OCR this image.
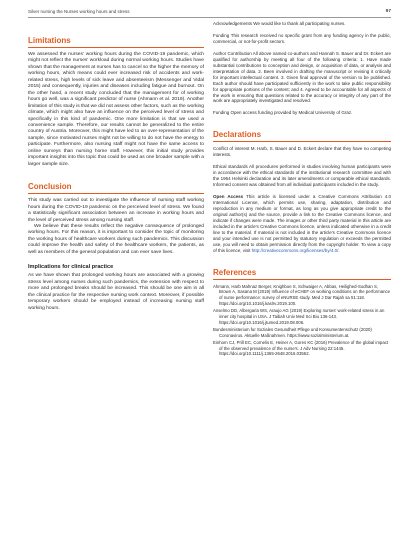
Silver nursing the Nurses working hours and stress	97
Limitations

We assessed the nurses' working hours during the COVID-19 pandemic, which might not reflect the nurses' workload during normal working hours. Studies have shown that the management at nurses has to cancel so the higher the memory of working hours, which means could ever increased risk of accidents and work-related stress, high levels of sick leave and absenteeism (Messenger and Vidal 2015) and consequently, injuries and diseases including fatigue and burnout. On the other hand, a recent study concluded that the management for of working hours go well, was a significant predictor of nurse (Ahmann et al. 2019). Another limitation of this study is that we did not assess other factors, such as the working climate, which might also have an influence on the perceived level of stress and specifically in this kind of pandemic. One more limitation is that we used a convenience sample. Therefore, our results cannot be generalized to the entire country of Austria. Moreover, this might have led to an over-representation of the sample, since motivated nurses might not be willing to do not have the energy to participate. Furthermore, also nursing staff might not have the same access to online surveys than nursing home staff. However, this initial study provides important insights into this topic that could be used as one broader sample with a larger sample size.

Conclusion

This study was carried out to investigate the influence of nursing staff working hours during the COVID-19 pandemic on the perceived level of stress. We found a statistically significant association between an increase in working hours and the level of perceived stress among nursing staff.

We believe that these results reflect the negative consequence of prolonged working hours. For this reason, it is important to consider the topic of monitoring the working hours of healthcare workers during such pandemics. This discussion could improve the health and safety of the healthcare workers, the patients, as well as members of the general population and can ever save lives.

Implications for clinical practice

As we have shown that prolonged working hours are associated with a growing stress level among nurses during such pandemics, the extension with respect to more and prolonged breaks should be increased. This should be one aim in all the clinical practice for the respective nursing work context. Moreover, if possible temporary workers should be employed instead of increasing nursing staff working hours.

Acknowledgements We would like to thank all participating nurses.

Funding This research received no specific grant from any funding agency in the public, commercial, or not-for-profit sectors.

Author Contribution All above named co-authors and Hannah S. Bauer and Dr. Eckert are qualified for authorship by meeting all four of the following criteria: 1. Have made substantial contributions to conception and design, or acquisition of data, or analysis and interpretation of data. 2. Been involved in drafting the manuscript or revising it critically for important intellectual content. 3. Given final approval of the version to be published. Each author should have participated sufficiently in the work to take public responsibility for appropriate portions of the content; and 4. Agreed to be accountable for all aspects of the work in ensuring that questions related to the accuracy or integrity of any part of the work are appropriately investigated and resolved.

Funding Open access funding provided by Medical University of Graz.

Declarations

Conflict of interest M. Harb, S. Bauer and D. Eckert declare that they have no competing interests.

Ethical standards All procedures performed in studies involving human participants were in accordance with the ethical standards of the institutional research committee and with the 1964 Helsinki declaration and its later amendments or comparable ethical standards. Informed consent was obtained from all individual participants included in the study.

Open Access This article is licensed under a Creative Commons Attribution 4.0 International License, which permits use, sharing, adaptation, distribution and reproduction in any medium or format, as long as you give appropriate credit to the original author(s) and the source, provide a link to the Creative Commons licence, and indicate if changes were made. The images or other third party material in this article are included in the article's Creative Commons licence, unless indicated otherwise in a credit line to the material. If material is not included in the article's Creative Commons licence and your intended use is not permitted by statutory regulation or exceeds the permitted use, you will need to obtain permission directly from the copyright holder. To view a copy of this licence, visit http://creativecommons.org/licenses/by/4.0/.

References

Ahmann, Harb Mahnaz Berger, Knighboe S, Schwaiger A, Abbas, Heilighed-Sodhan S, Brown A, Sasana M (2019) Influence of eCHEF on working conditions on the performance of nurse performance: survey of eNURSE study. Med J Dar Rajah sa 51:118. https://doi.org/10.1016/j.kaslrv.2019.100.

Anselmo DD, Albergaria WS, Araujo AG (2019) Exploring nurses' work-related stress in an inner city hospital in USA. J Taibah Univ Med Sci Biu 136-143. https://doi.org/10.1016/j.jtumed.2019.08.006.

Bundesministerium fur Soziales Gesundheit Pflege und Konsumentenschutz (2020) Coronavirus. Aktuelle Maßnahmen. https://www.sozialministerium.at.

Einhorn CJ, Prill EC, Cornelis E, Heiner A, Gores KC (2016) Prevalence of the global impact of the observed prevalence of the nurse's. J Adv Nursing 22:1445. https://doi.org/10.1111/j.1365-2648.2016.03562.
